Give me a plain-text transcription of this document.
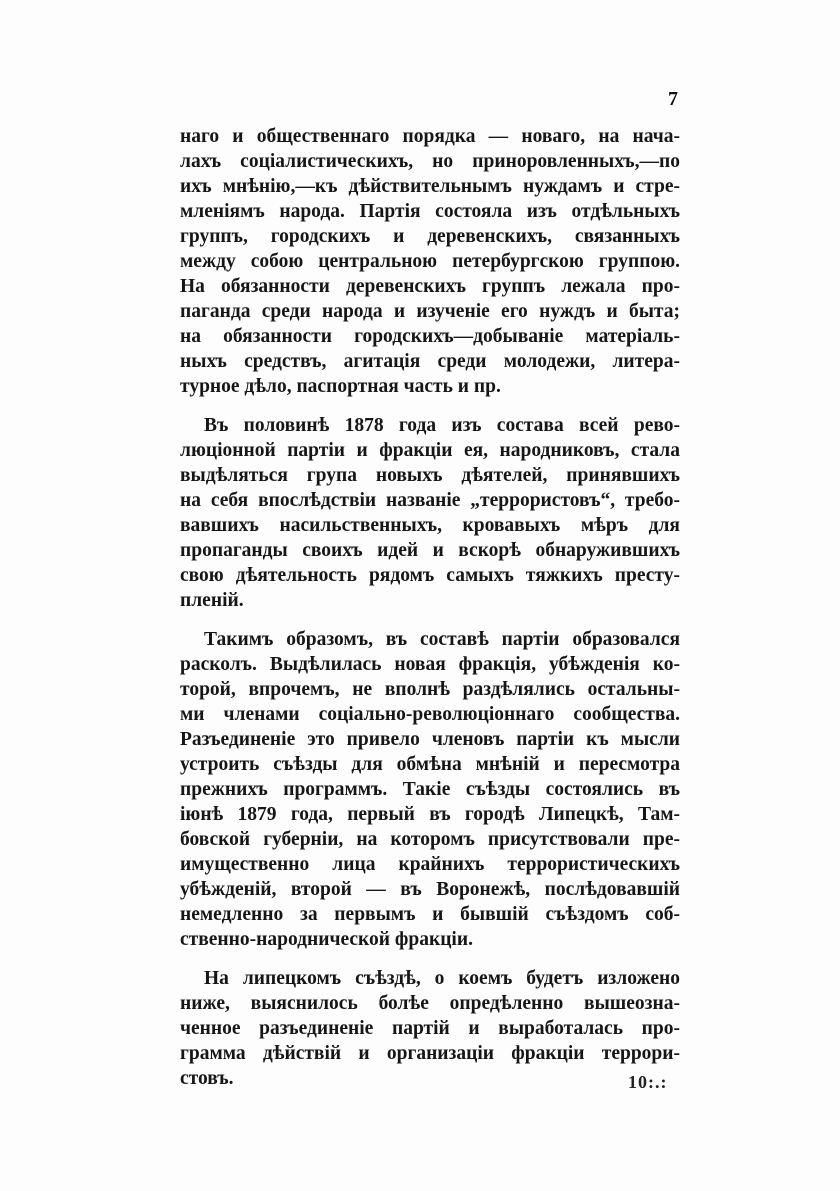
7
наго и общественнаго порядка — новаго, на нача-
лахъ соціалистическихъ, но приноровленныхъ,—по
ихъ мнѣнію,—къ дѣйствительнымъ нуждамъ и стре-
мленіямъ народа. Партія состояла изъ отдѣльныхъ
группъ, городскихъ и деревенскихъ, связанныхъ
между собою центральною петербургскою группою.
На обязанности деревенскихъ группъ лежала про-
паганда среди народа и изученіе его нуждъ и быта;
на обязанности городскихъ—добываніе матеріаль-
ныхъ средствъ, агитація среди молодежи, литера-
турное дѣло, паспортная часть и пр.
Въ половинѣ 1878 года изъ состава всей рево-
люціонной партіи и фракціи ея, народниковъ, стала
выдѣляться група новыхъ дѣятелей, принявшихъ
на себя впослѣдствіи названіе „террористовъ“, требо-
вавшихъ насильственныхъ, кровавыхъ мѣръ для
пропаганды своихъ идей и вскорѣ обнаружившихъ
свою дѣятельность рядомъ самыхъ тяжкихъ престу-
пленій.
Такимъ образомъ, въ составѣ партіи образовался
расколъ. Выдѣлилась новая фракція, убѣжденія ко-
торой, впрочемъ, не вполнѣ раздѣлялись остальны-
ми членами соціально-революціоннаго сообщества.
Разъединеніе это привело членовъ партіи къ мысли
устроить съѣзды для обмѣна мнѣній и пересмотра
прежнихъ программъ. Такіе съѣзды состоялись въ
іюнѣ 1879 года, первый въ городѣ Липецкѣ, Там-
бовской губерніи, на которомъ присутствовали пре-
имущественно лица крайнихъ террористическихъ
убѣжденій, второй — въ Воронежѣ, послѣдовавшій
немедленно за первымъ и бывшій съѣздомъ соб-
ственно-народнической фракціи.
На липецкомъ съѣздѣ, о коемъ будетъ изложено
ниже, выяснилось болѣе опредѣленно вышеозна-
ченное разъединеніе партій и выработалась про-
грамма дѣйствій и организаціи фракціи террори-
стовъ.	10:.:
